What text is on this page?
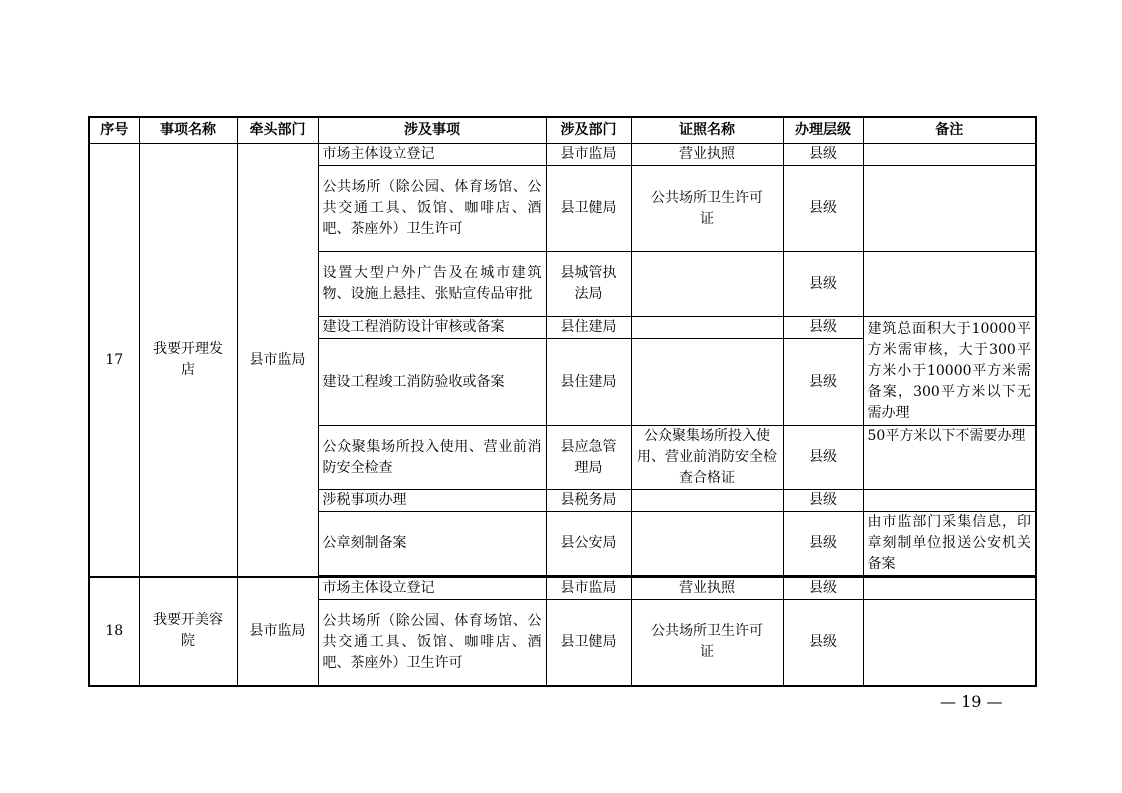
序号	事项名称	牵头部门	涉及事项	涉及部门	证照名称	办理层级	备注
17	我要开理发店	县市监局	市场主体设立登记	县市监局	营业执照	县级	
			公共场所（除公园、体育场馆、公共交通工具、饭馆、咖啡店、酒吧、茶座外）卫生许可	县卫健局	公共场所卫生许可证	县级	
			设置大型户外广告及在城市建筑物、设施上悬挂、张贴宣传品审批	县城管执法局		县级	
			建设工程消防设计审核或备案	县住建局		县级	建筑总面积大于10000平方米需审核，大于300平方米小于10000平方米需备案，300平方米以下无需办理
			建设工程竣工消防验收或备案	县住建局		县级	
			公众聚集场所投入使用、营业前消防安全检查	县应急管理局	公众聚集场所投入使用、营业前消防安全检查合格证	县级	50平方米以下不需要办理
			涉税事项办理	县税务局		县级	
			公章刻制备案	县公安局		县级	由市监部门采集信息，印章刻制单位报送公安机关备案

18	我要开美容院	县市监局	市场主体设立登记	县市监局	营业执照	县级	
			公共场所（除公园、体育场馆、公共交通工具、饭馆、咖啡店、酒吧、茶座外）卫生许可	县卫健局	公共场所卫生许可证	县级	
— 19 —
